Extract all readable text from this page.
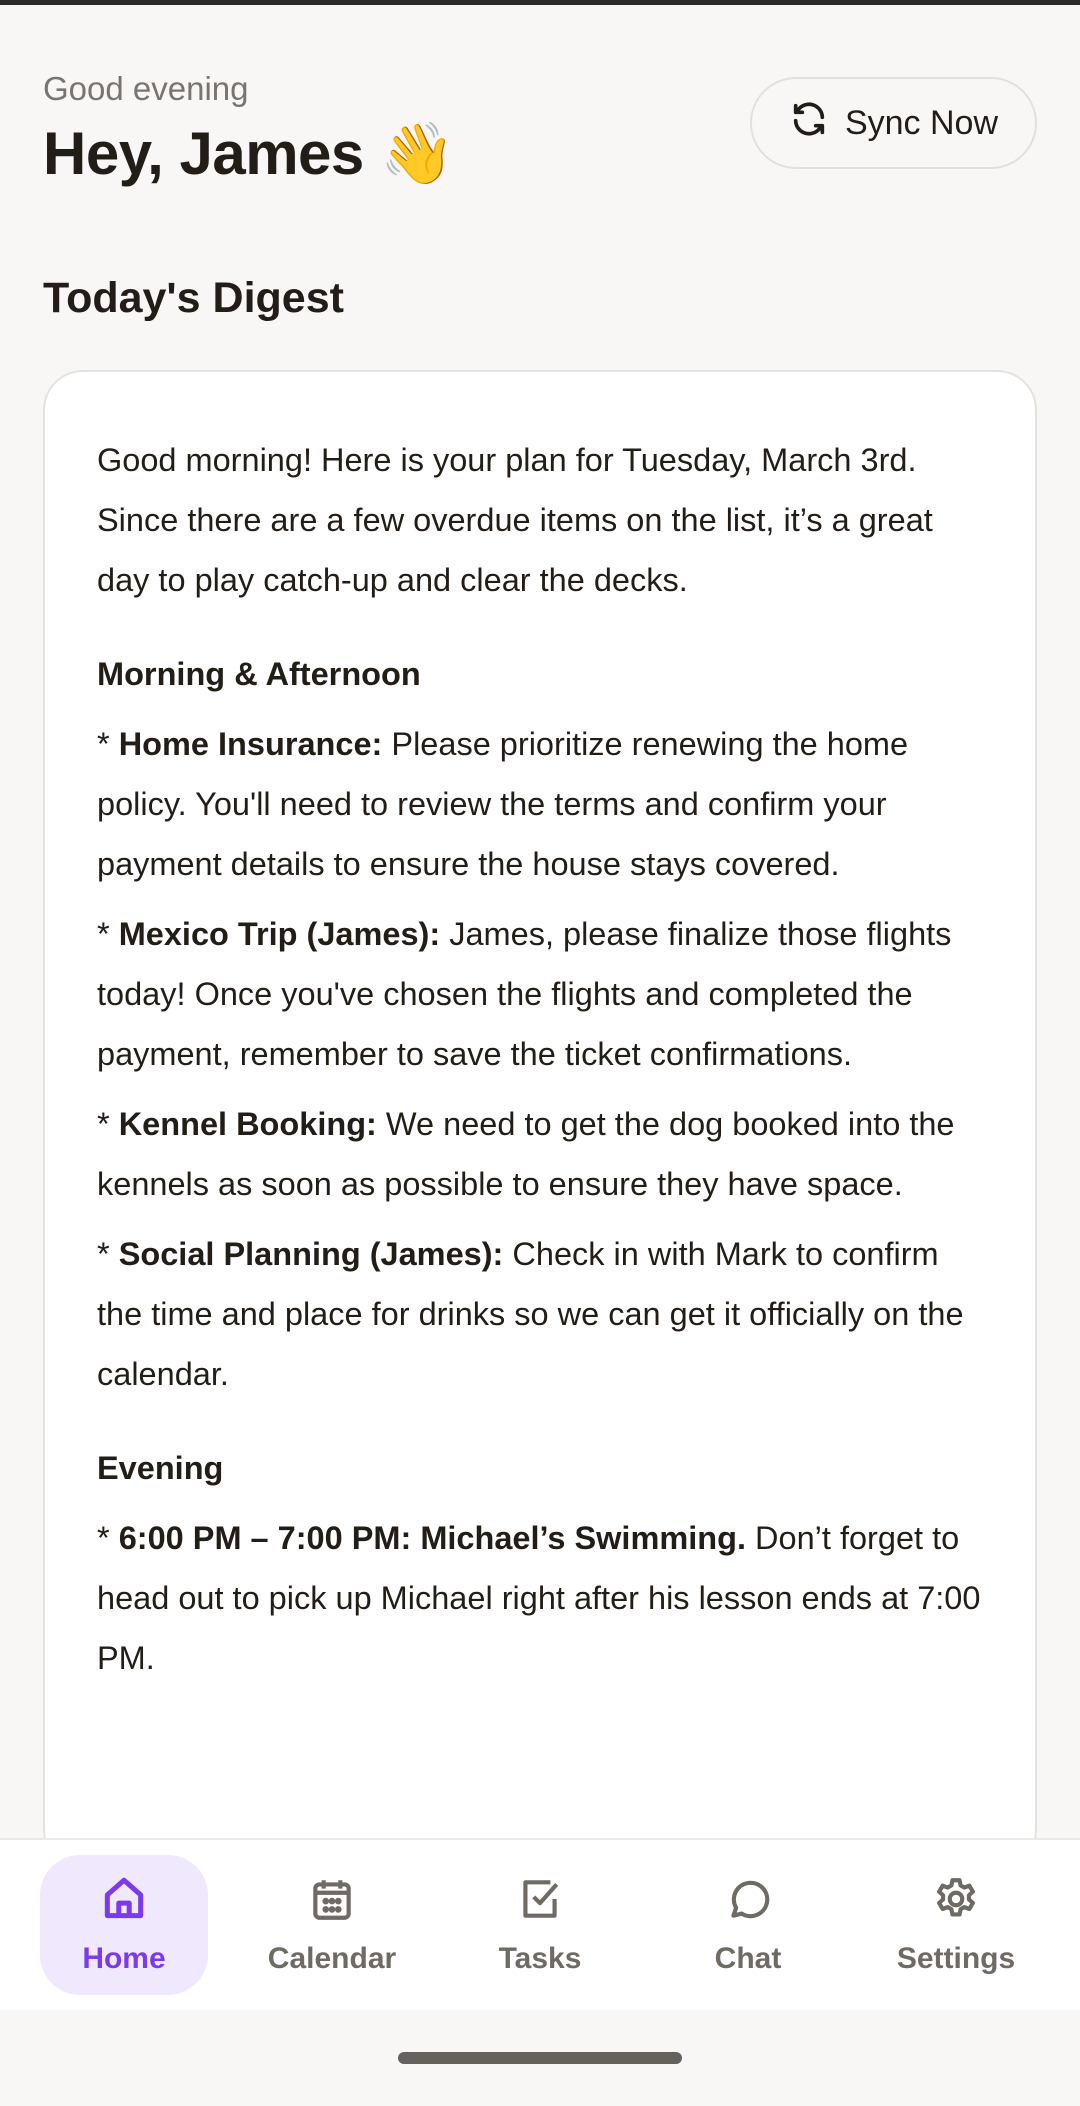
Good evening
Hey, James 👋	Sync Now
Today's Digest

Good morning! Here is your plan for Tuesday, March 3rd. Since there are a few overdue items on the list, it’s a great day to play catch-up and clear the decks.

Morning & Afternoon

* Home Insurance: Please prioritize renewing the home policy. You'll need to review the terms and confirm your payment details to ensure the house stays covered.

* Mexico Trip (James): James, please finalize those flights today! Once you've chosen the flights and completed the payment, remember to save the ticket confirmations.

* Kennel Booking: We need to get the dog booked into the kennels as soon as possible to ensure they have space.

* Social Planning (James): Check in with Mark to confirm the time and place for drinks so we can get it officially on the calendar.

Evening

* 6:00 PM – 7:00 PM: Michael’s Swimming. Don’t forget to head out to pick up Michael right after his lesson ends at 7:00 PM.

Home	Calendar	Tasks	Chat	Settings
